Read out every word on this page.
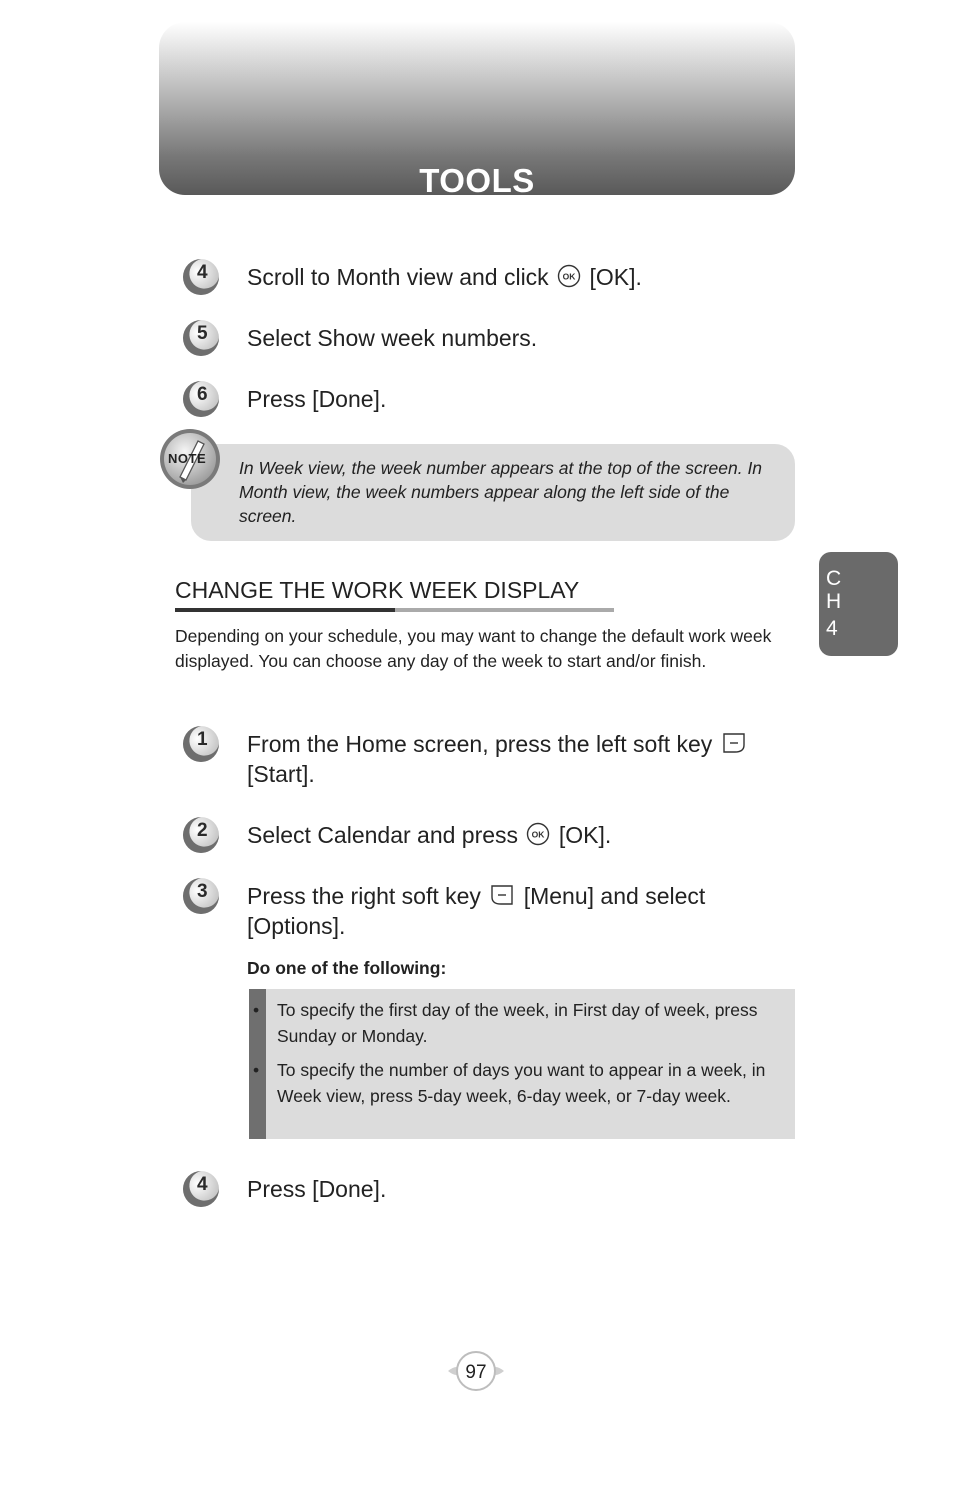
TOOLS
C
H
4
4 Scroll to Month view and click OK [OK].
5 Select Show week numbers.
6 Press [Done].
In Week view, the week number appears at the top of the screen. In Month view, the week numbers appear along the left side of the screen.
NOTE
CHANGE THE WORK WEEK DISPLAY
Depending on your schedule, you may want to change the default work week displayed. You can choose any day of the week to start and/or finish.
1 From the Home screen, press the left soft key  [Start].
2 Select Calendar and press OK [OK].
3 Press the right soft key [Menu] and select [Options].
Do one of the following:
• To specify the first day of the week, in First day of week, press Sunday or Monday.
• To specify the number of days you want to appear in a week, in Week view, press 5-day week, 6-day week, or 7-day week.
4 Press [Done].
97
